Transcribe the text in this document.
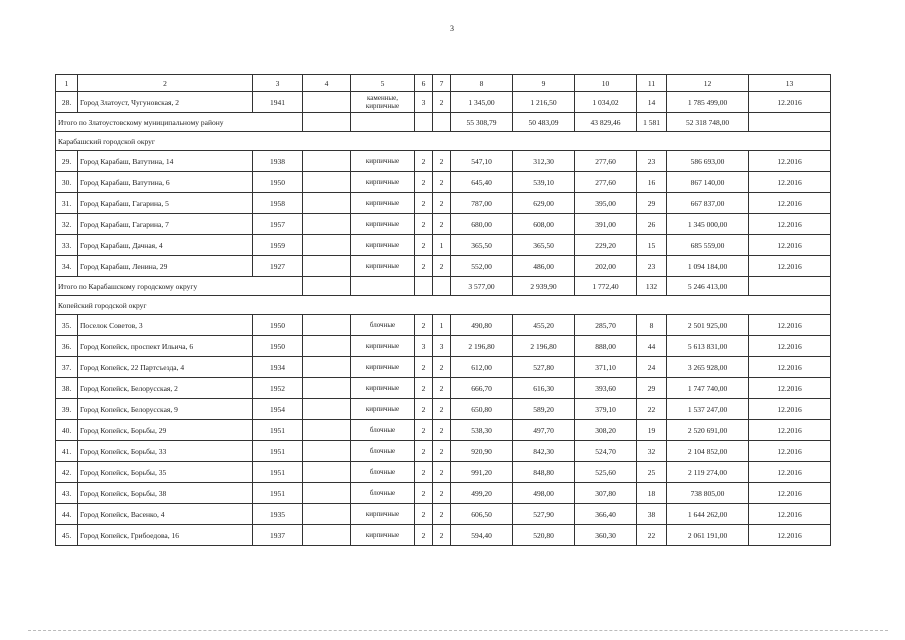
3
1	2	3	4	5	6	7	8	9	10	11	12	13
28.	Город Златоуст, Чугуновская, 2	1941		каменные, кирпичные	3	2	1 345,00	1 216,50	1 034,02	14	1 785 499,00	12.2016
Итого по Златоустовскому муниципальному району							55 308,79	50 483,09	43 829,46	1 581	52 318 748,00	
Карабашский городской округ												
29.	Город Карабаш, Ватутина, 14	1938		кирпичные	2	2	547,10	312,30	277,60	23	586 693,00	12.2016
30.	Город Карабаш, Ватутина, 6	1950		кирпичные	2	2	645,40	539,10	277,60	16	867 140,00	12.2016
31.	Город Карабаш, Гагарина, 5	1958		кирпичные	2	2	787,00	629,00	395,00	29	667 837,00	12.2016
32.	Город Карабаш, Гагарина, 7	1957		кирпичные	2	2	680,00	608,00	391,00	26	1 345 000,00	12.2016
33.	Город Карабаш, Дачная, 4	1959		кирпичные	2	1	365,50	365,50	229,20	15	685 559,00	12.2016
34.	Город Карабаш, Ленина, 29	1927		кирпичные	2	2	552,00	486,00	202,00	23	1 094 184,00	12.2016
Итого по Карабашскому городскому округу							3 577,00	2 939,90	1 772,40	132	5 246 413,00	
Копейский городской округ												
35.	Поселок Советов, 3	1950		блочные	2	1	490,80	455,20	285,70	8	2 501 925,00	12.2016
36.	Город Копейск, проспект Ильича, 6	1950		кирпичные	3	3	2 196,80	2 196,80	888,00	44	5 613 831,00	12.2016
37.	Город Копейск, 22 Партсъезда, 4	1934		кирпичные	2	2	612,00	527,80	371,10	24	3 265 928,00	12.2016
38.	Город Копейск, Белорусская, 2	1952		кирпичные	2	2	666,70	616,30	393,60	29	1 747 740,00	12.2016
39.	Город Копейск, Белорусская, 9	1954		кирпичные	2	2	650,80	589,20	379,10	22	1 537 247,00	12.2016
40.	Город Копейск, Борьбы, 29	1951		блочные	2	2	538,30	497,70	308,20	19	2 520 691,00	12.2016
41.	Город Копейск, Борьбы, 33	1951		блочные	2	2	920,90	842,30	524,70	32	2 104 852,00	12.2016
42.	Город Копейск, Борьбы, 35	1951		блочные	2	2	991,20	848,80	525,60	25	2 119 274,00	12.2016
43.	Город Копейск, Борьбы, 38	1951		блочные	2	2	499,20	498,00	307,80	18	738 805,00	12.2016
44.	Город Копейск, Васенко, 4	1935		кирпичные	2	2	606,50	527,90	366,40	38	1 644 262,00	12.2016
45.	Город Копейск, Грибоедова, 16	1937		кирпичные	2	2	594,40	520,80	360,30	22	2 061 191,00	12.2016
